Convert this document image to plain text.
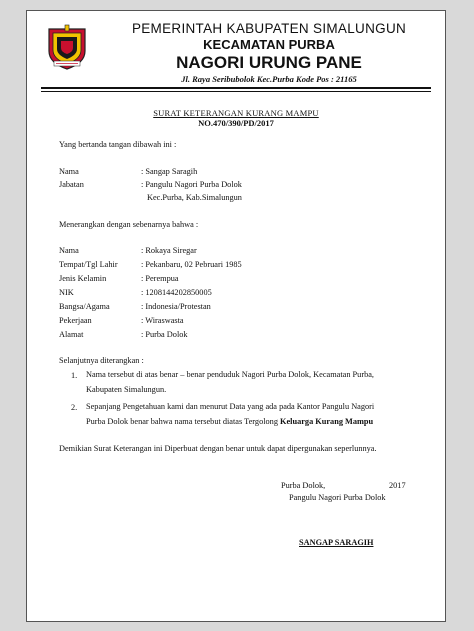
PEMERINTAH KABUPATEN SIMALUNGUN
KECAMATAN PURBA
NAGORI URUNG PANE
Jl. Raya Seribubolok Kec.Purba Kode Pos : 21165
SURAT KETERANGAN KURANG MAMPU
NO.470/390/PD/2017
Yang bertanda tangan dibawah ini :
Nama	: Sangap Saragih
Jabatan	: Pangulu Nagori Purba Dolok
Kec.Purba, Kab.Simalungun
Menerangkan dengan sebenarnya bahwa :
Nama	: Rokaya Siregar
Tempat/Tgl Lahir	: Pekanbaru, 02 Pebruari 1985
Jenis Kelamin	: Perempua
NIK	: 1208144202850005
Bangsa/Agama	: Indonesia/Protestan
Pekerjaan	: Wiraswasta
Alamat	: Purba Dolok
Selanjutnya diterangkan :
1. Nama tersebut di atas benar – benar penduduk Nagori Purba Dolok, Kecamatan Purba,
Kabupaten Simalungun.
2. Sepanjang Pengetahuan kami dan menurut Data yang ada pada Kantor Pangulu Nagori
Purba Dolok benar bahwa nama tersebut diatas Tergolong Keluarga Kurang Mampu
Demikian Surat Keterangan ini Diperbuat dengan benar untuk dapat dipergunakan seperlunnya.
Purba Dolok,	2017
Pangulu Nagori Purba Dolok
SANGAP SARAGIH
